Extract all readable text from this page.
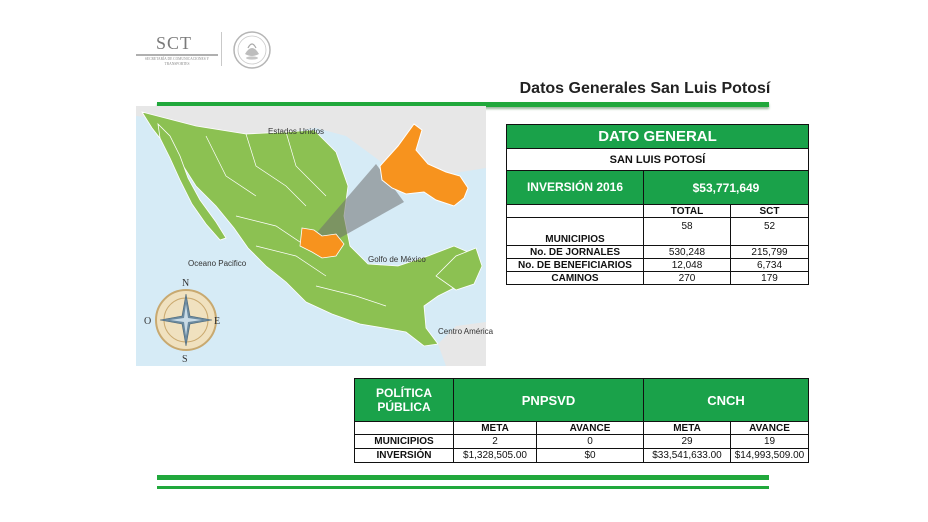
SCT
SECRETARÍA DE COMUNICACIONES Y TRANSPORTES
Datos Generales San Luis Potosí
Estados Unidos
Oceano Pacifico	Golfo de México
Centro América
N
S
E
O
DATO GENERAL		
SAN LUIS POTOSÍ		
INVERSIÓN 2016	$53,771,649	
	TOTAL	SCT
MUNICIPIOS	58	52
No. DE JORNALES	530,248	215,799
No. DE BENEFICIARIOS	12,048	6,734
CAMINOS	270	179
POLÍTICA PÚBLICA	PNPSVD		CNCH	
	META	AVANCE	META	AVANCE
MUNICIPIOS	2	0	29	19
INVERSIÓN	$1,328,505.00	$0	$33,541,633.00	$14,993,509.00
